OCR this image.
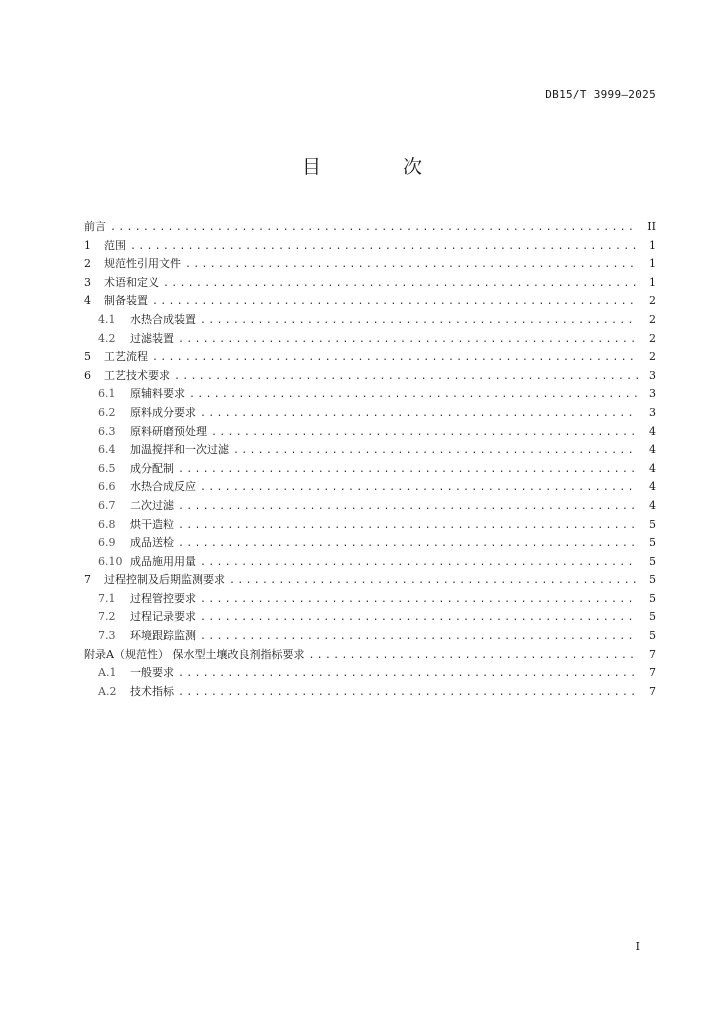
DB15/T 3999—2025
目 次
前言 .....	II
1	范围 .....	1
2	规范性引用文件 .....	1
3	术语和定义 .....	1
4	制备装置 .....	2
4.1	水热合成装置 .....	2
4.2	过滤装置 .....	2
5	工艺流程 .....	2
6	工艺技术要求 .....	3
6.1	原辅料要求 .....	3
6.2	原料成分要求 .....	3
6.3	原料研磨预处理 .....	4
6.4	加温搅拌和一次过滤 .....	4
6.5	成分配制 .....	4
6.6	水热合成反应 .....	4
6.7	二次过滤 .....	4
6.8	烘干造粒 .....	5
6.9	成品送检 .....	5
6.10 成品施用用量 .....	5
7	过程控制及后期监测要求 .....	5
7.1	过程管控要求 .....	5
7.2	过程记录要求 .....	5
7.3	环境跟踪监测 .....	5
附录A（规范性） 保水型土壤改良剂指标要求 .....	7
A.1	一般要求 .....	7
A.2	技术指标 .....	7
I
